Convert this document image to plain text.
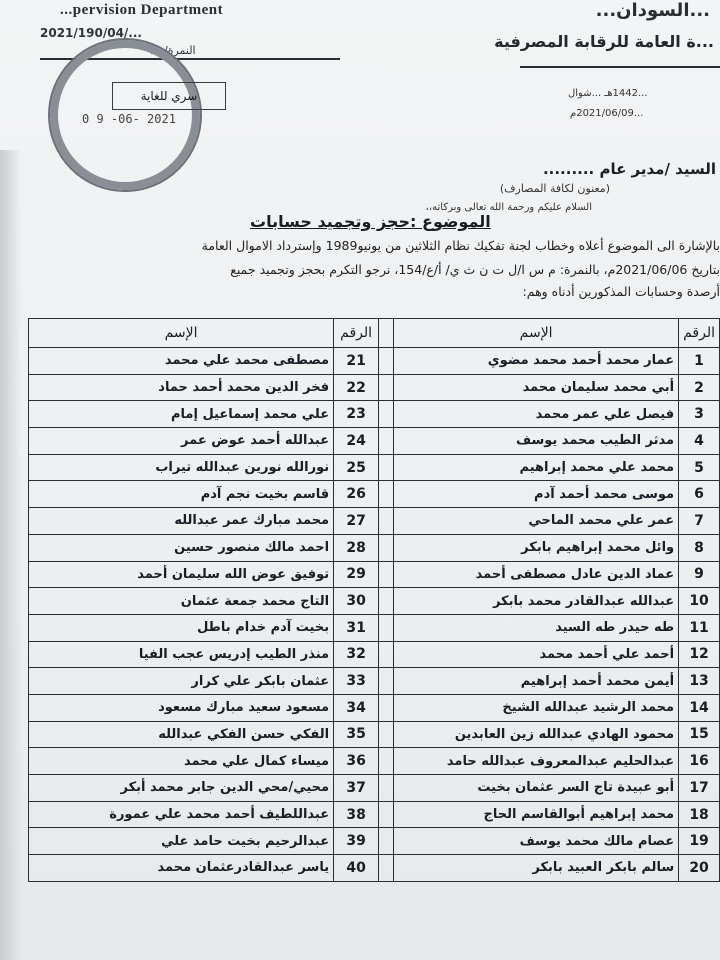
...pervision Department	...السودان...
...ة العامة للرقابة المصرفية
2021/190/04/...
النمرة/ ...
سري للغاية
0 9 -06- 2021
...1442هـ ...شوال
...2021/06/09م
السيد /مدير عام .........
(معنون لكافة المصارف)
السلام عليكم ورحمة الله تعالى وبركاته،،
الموضوع :حجز وتجميد حسابات
بالإشارة الى الموضوع أعلاه وخطاب لجنة تفكيك نظام الثلاثين من يونيو1989 وإسترداد الاموال العامة
بتاريخ 2021/06/06م، بالنمرة: م س ا/ل ت ن ث ي/ أ/ع/154، نرجو التكرم بحجز وتجميد جميع
أرصدة وحسابات المذكورين أدناه وهم:
الرقم	الإسم		الرقم	الإسم
1	عمار محمد أحمد محمد مضوي		21	مصطفى محمد علي محمد
2	أبي محمد سليمان محمد		22	فخر الدين محمد أحمد حماد
3	فيصل علي عمر محمد		23	علي محمد إسماعيل إمام
4	مدثر الطيب محمد يوسف		24	عبدالله أحمد عوض عمر
5	محمد علي محمد إبراهيم		25	نورالله نورين عبدالله تيراب
6	موسى محمد أحمد آدم		26	قاسم بخيت نجم آدم
7	عمر علي محمد الماحي		27	محمد مبارك عمر عبدالله
8	وائل محمد إبراهيم بابكر		28	احمد مالك منصور حسين
9	عماد الدين عادل مصطفى أحمد		29	توفيق عوض الله سليمان أحمد
10	عبدالله عبدالقادر محمد بابكر		30	التاج محمد جمعة عثمان
11	طه حيدر طه السيد		31	بخيت آدم خدام باطل
12	أحمد علي أحمد محمد		32	منذر الطيب إدريس عجب الفيا
13	أيمن محمد أحمد إبراهيم		33	عثمان بابكر علي كرار
14	محمد الرشيد عبدالله الشيخ		34	مسعود سعيد مبارك مسعود
15	محمود الهادي عبدالله زين العابدين		35	الفكي حسن الفكي عبدالله
16	عبدالحليم عبدالمعروف عبدالله حامد		36	ميساء كمال علي محمد
17	أبو عبيدة تاج السر عثمان بخيت		37	محيي/محي الدين جابر محمد أبكر
18	محمد إبراهيم أبوالقاسم الحاج		38	عبداللطيف أحمد محمد علي عمورة
19	عصام مالك محمد يوسف		39	عبدالرحيم بخيت حامد علي
20	سالم بابكر العبيد بابكر		40	ياسر عبدالقادرعثمان محمد
